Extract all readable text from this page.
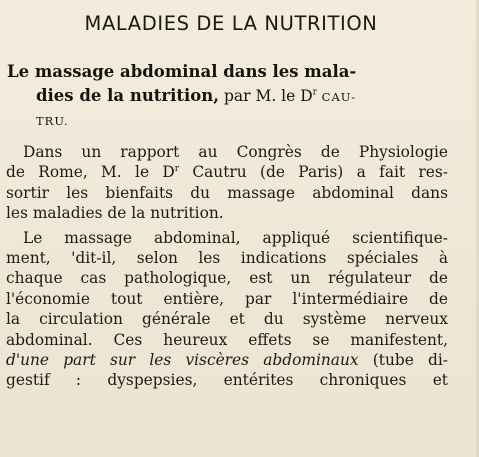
MALADIES DE LA NUTRITION
Le massage abdominal dans les mala-
dies de la nutrition, par M. le $D^r$ CAU-
TRU.
Dans un rapport au Congrès de Physiologie
de Rome, M. le $D^r$ Cautru (de Paris) a fait res-
sortir les bienfaits du massage abdominal dans
les maladies de la nutrition.
Le massage abdominal, appliqué scientifique-
ment, 'dit-il, selon les indications spéciales à
chaque cas pathologique, est un régulateur de
l'économie tout entière, par l'intermédiaire de
la circulation générale et du système nerveux
abdominal. Ces heureux effets se manifestent,
d'une part sur les viscères abdominaux (tube di-
gestif : dyspepsies, entérites chroniques et
